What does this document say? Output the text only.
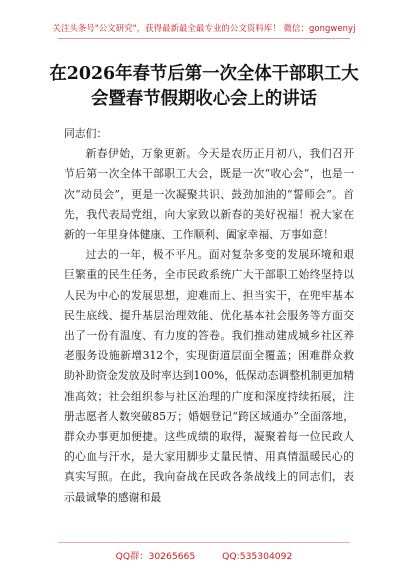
关注头条号"公文研究"，获得最新最全最专业的公文资料库！ 微信：gongwenyj
在2026年春节后第一次全体干部职工大
会暨春节假期收心会上的讲话

同志们：

新春伊始，万象更新。今天是农历正月初八，我们召开节后第一次全体干部职工大会，既是一次“收心会”，也是一次“动员会”，更是一次凝聚共识、鼓劲加油的“誓师会”。首先，我代表局党组，向大家致以新春的美好祝福！祝大家在新的一年里身体健康、工作顺利、阖家幸福、万事如意！

过去的一年，极不平凡。面对复杂多变的发展环境和艰巨繁重的民生任务，全市民政系统广大干部职工始终坚持以人民为中心的发展思想，迎难而上、担当实干，在兜牢基本民生底线、提升基层治理效能、优化基本社会服务等方面交出了一份有温度、有力度的答卷。我们推动建成城乡社区养老服务设施新增312个，实现街道层面全覆盖；困难群众救助补助资金发放及时率达到100%，低保动态调整机制更加精准高效；社会组织参与社区治理的广度和深度持续拓展，注册志愿者人数突破85万；婚姻登记“跨区域通办”全面落地，群众办事更加便捷。这些成绩的取得，凝聚着每一位民政人的心血与汗水，是大家用脚步丈量民情、用真情温暖民心的真实写照。在此，我向奋战在民政各条战线上的同志们，表示最诚挚的感谢和最

QQ群：30265665	QQ:535304092
